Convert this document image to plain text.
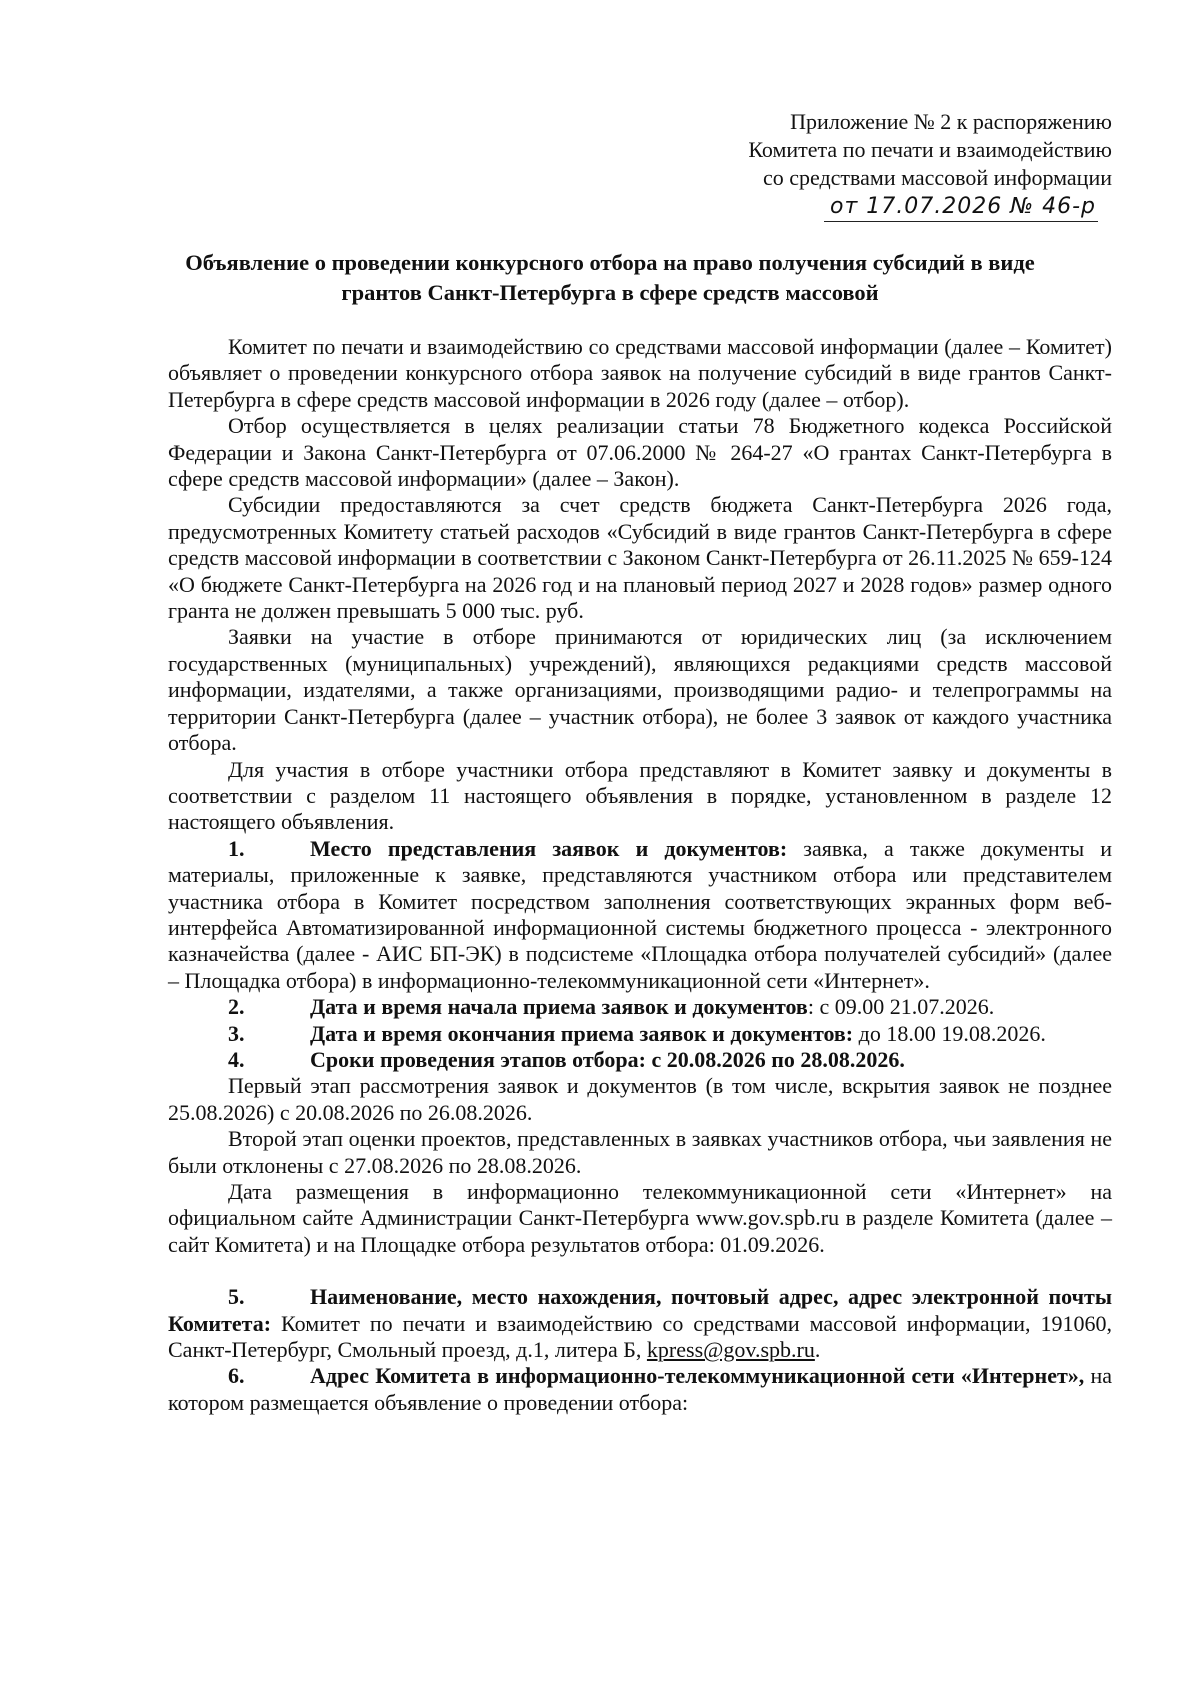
Приложение № 2 к распоряжению
Комитета по печати и взаимодействию
со средствами массовой информации
от 17.07.2026 № 46-р
Объявление о проведении конкурсного отбора на право получения субсидий в виде грантов Санкт-Петербурга в сфере средств массовой

Комитет по печати и взаимодействию со средствами массовой информации (далее – Комитет) объявляет о проведении конкурсного отбора заявок на получение субсидий в виде грантов Санкт-Петербурга в сфере средств массовой информации в 2026 году (далее – отбор).

Отбор осуществляется в целях реализации статьи 78 Бюджетного кодекса Российской Федерации и Закона Санкт-Петербурга от 07.06.2000 № 264-27 «О грантах Санкт-Петербурга в сфере средств массовой информации» (далее – Закон).

Субсидии предоставляются за счет средств бюджета Санкт-Петербурга 2026 года, предусмотренных Комитету статьей расходов «Субсидий в виде грантов Санкт-Петербурга в сфере средств массовой информации в соответствии с Законом Санкт-Петербурга от 26.11.2025 № 659-124 «О бюджете Санкт-Петербурга на 2026 год и на плановый период 2027 и 2028 годов» размер одного гранта не должен превышать 5 000 тыс. руб.

Заявки на участие в отборе принимаются от юридических лиц (за исключением государственных (муниципальных) учреждений), являющихся редакциями средств массовой информации, издателями, а также организациями, производящими радио- и телепрограммы на территории Санкт-Петербурга (далее – участник отбора), не более 3 заявок от каждого участника отбора.

Для участия в отборе участники отбора представляют в Комитет заявку и документы в соответствии с разделом 11 настоящего объявления в порядке, установленном в разделе 12 настоящего объявления.

1.	Место представления заявок и документов: заявка, а также документы и материалы, приложенные к заявке, представляются участником отбора или представителем участника отбора в Комитет посредством заполнения соответствующих экранных форм веб-интерфейса Автоматизированной информационной системы бюджетного процесса - электронного казначейства (далее - АИС БП-ЭК) в подсистеме «Площадка отбора получателей субсидий» (далее – Площадка отбора) в информационно-телекоммуникационной сети «Интернет».

2.	Дата и время начала приема заявок и документов: с 09.00 21.07.2026.

3.	Дата и время окончания приема заявок и документов: до 18.00 19.08.2026.

4.	Сроки проведения этапов отбора: с 20.08.2026 по 28.08.2026.

Первый этап рассмотрения заявок и документов (в том числе, вскрытия заявок не позднее 25.08.2026) с 20.08.2026 по 26.08.2026.

Второй этап оценки проектов, представленных в заявках участников отбора, чьи заявления не были отклонены с 27.08.2026 по 28.08.2026.

Дата размещения в информационно телекоммуникационной сети «Интернет» на официальном сайте Администрации Санкт-Петербурга www.gov.spb.ru в разделе Комитета (далее – сайт Комитета) и на Площадке отбора результатов отбора: 01.09.2026.

5.	Наименование, место нахождения, почтовый адрес, адрес электронной почты Комитета: Комитет по печати и взаимодействию со средствами массовой информации, 191060, Санкт-Петербург, Смольный проезд, д.1, литера Б, kpress@gov.spb.ru.

6.	Адрес Комитета в информационно-телекоммуникационной сети «Интернет», на котором размещается объявление о проведении отбора:
